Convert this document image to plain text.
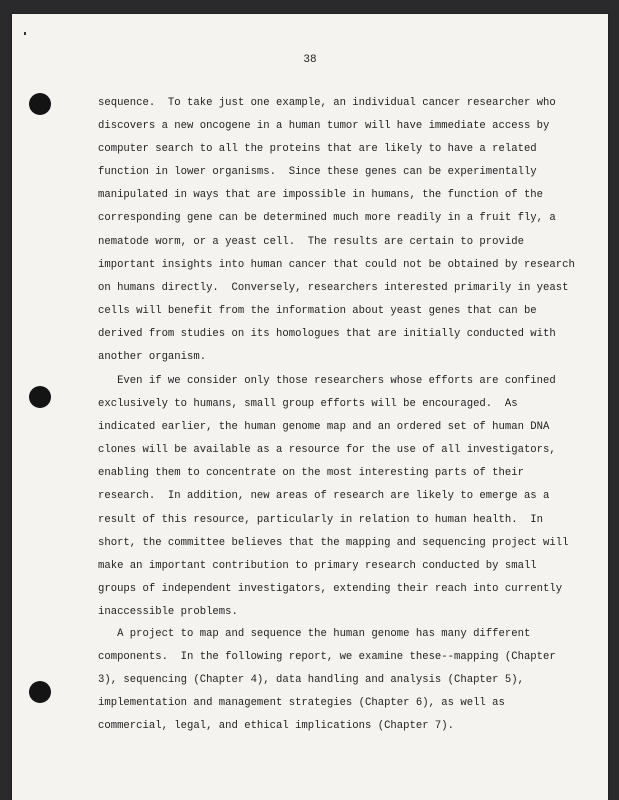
38
sequence.  To take just one example, an individual cancer researcher who
discovers a new oncogene in a human tumor will have immediate access by
computer search to all the proteins that are likely to have a related
function in lower organisms.  Since these genes can be experimentally
manipulated in ways that are impossible in humans, the function of the
corresponding gene can be determined much more readily in a fruit fly, a
nematode worm, or a yeast cell.  The results are certain to provide
important insights into human cancer that could not be obtained by research
on humans directly.  Conversely, researchers interested primarily in yeast
cells will benefit from the information about yeast genes that can be
derived from studies on its homologues that are initially conducted with
another organism.
Even if we consider only those researchers whose efforts are confined
exclusively to humans, small group efforts will be encouraged.  As
indicated earlier, the human genome map and an ordered set of human DNA
clones will be available as a resource for the use of all investigators,
enabling them to concentrate on the most interesting parts of their
research.  In addition, new areas of research are likely to emerge as a
result of this resource, particularly in relation to human health.  In
short, the committee believes that the mapping and sequencing project will
make an important contribution to primary research conducted by small
groups of independent investigators, extending their reach into currently
inaccessible problems.
A project to map and sequence the human genome has many different
components.  In the following report, we examine these--mapping (Chapter
3), sequencing (Chapter 4), data handling and analysis (Chapter 5),
implementation and management strategies (Chapter 6), as well as
commercial, legal, and ethical implications (Chapter 7).
